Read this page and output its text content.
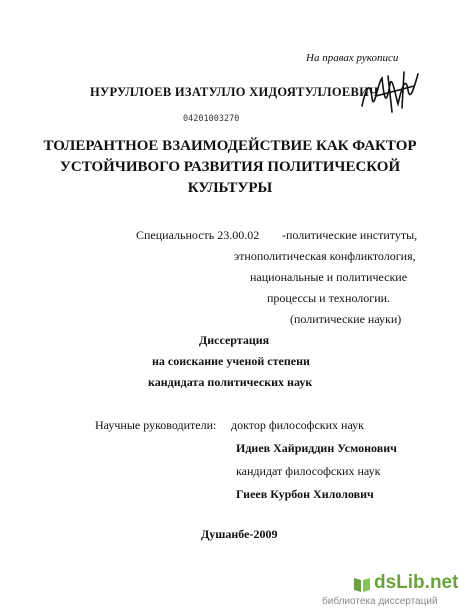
На правах рукописи
НУРУЛЛОЕВ ИЗАТУЛЛО ХИДОЯТУЛЛОЕВИЧ
04201003270
ТОЛЕРАНТНОЕ ВЗАИМОДЕЙСТВИЕ КАК ФАКТОР
УСТОЙЧИВОГО РАЗВИТИЯ ПОЛИТИЧЕСКОЙ
КУЛЬТУРЫ
Специальность 23.00.02 -политические институты,
этнополитическая конфликтология,
национальные и политические
процессы и технологии.
(политические науки)
Диссертация
на соискание ученой степени
кандидата политических наук
Научные руководители: доктор философских наук
Идиев Хайриддин Усмонович
кандидат философских наук
Гиеев Курбон Хилолович
Душанбе-2009
dsLib.net
библиотека диссертаций
